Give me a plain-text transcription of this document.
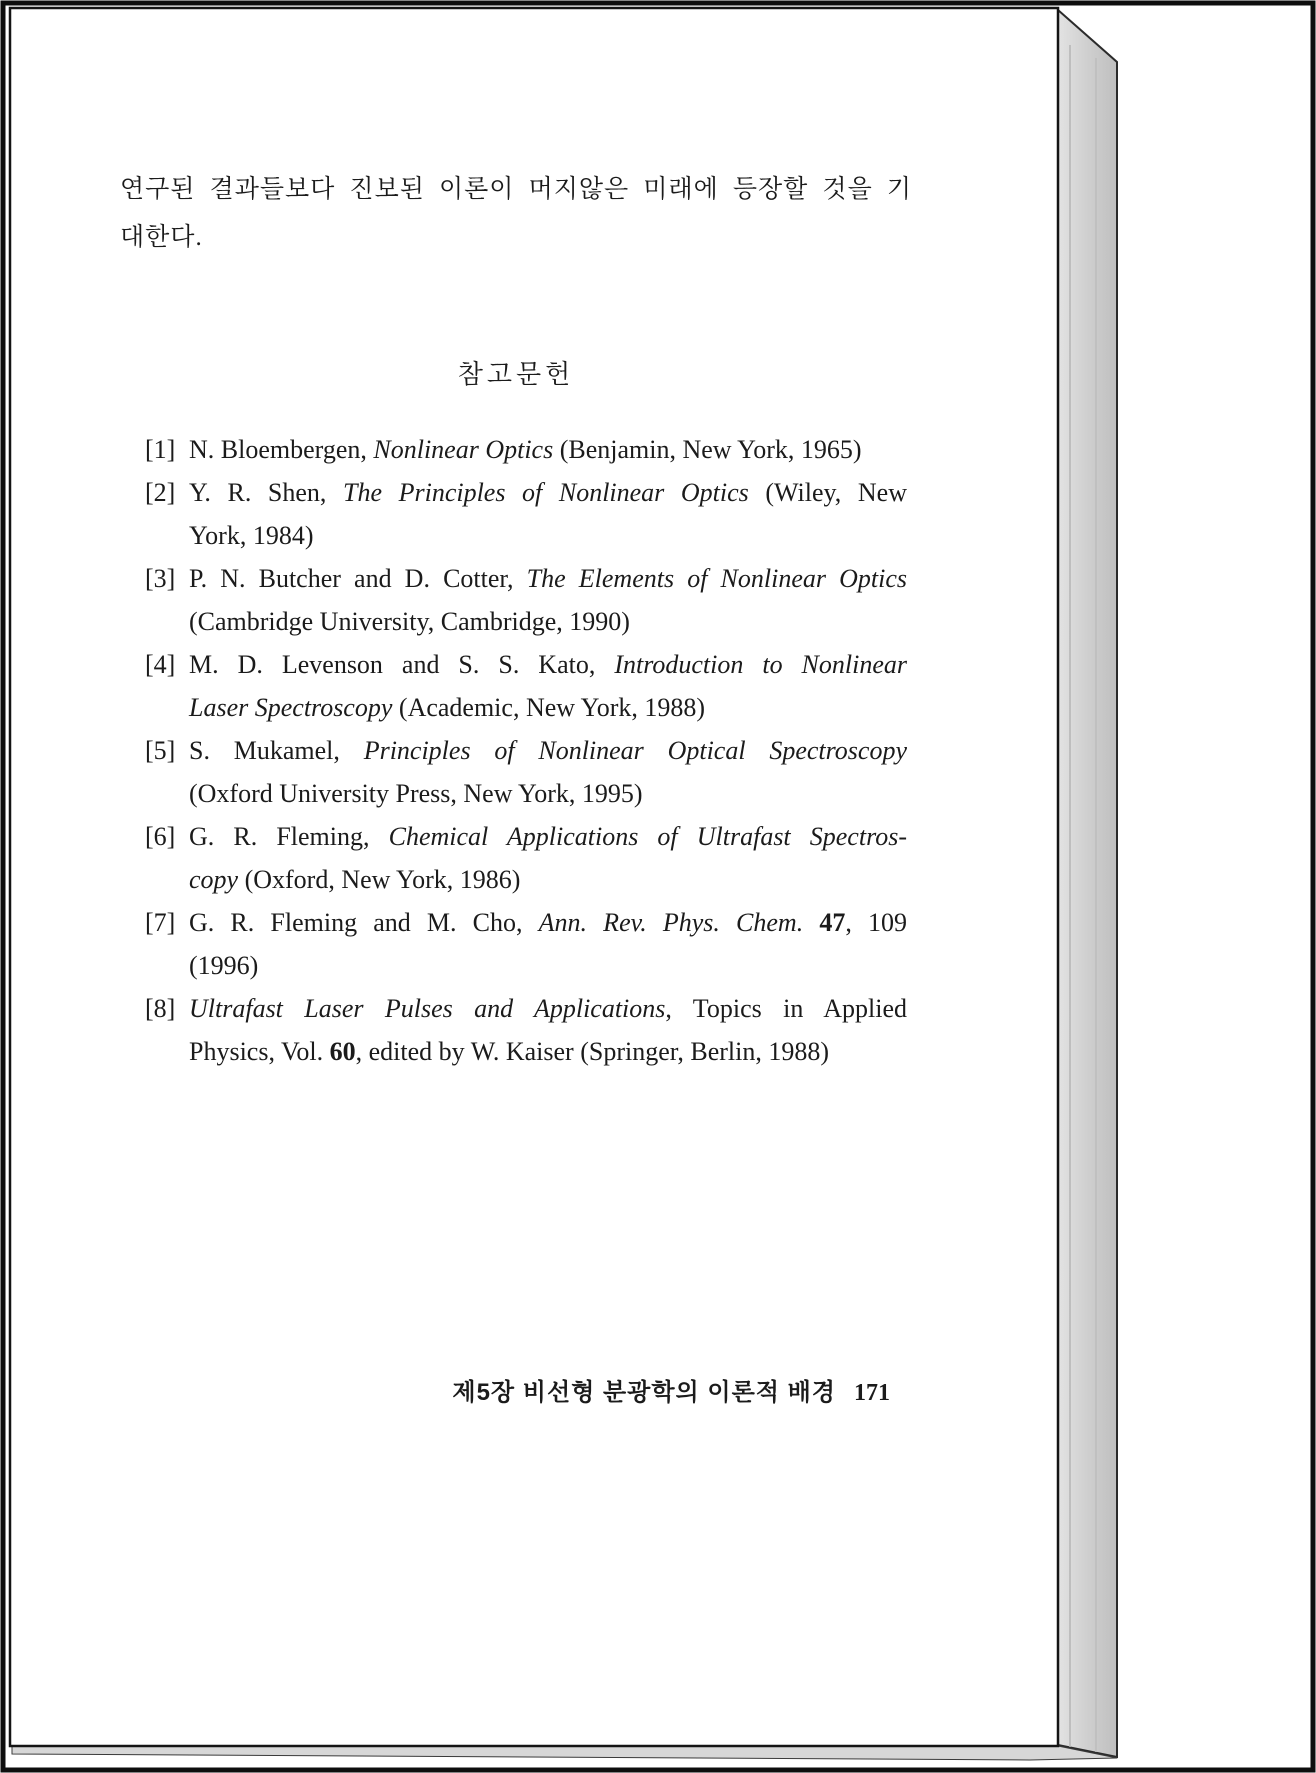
연구된 결과들보다 진보된 이론이 머지않은 미래에 등장할 것을 기
대한다.
참고문헌
[1] N. Bloembergen, Nonlinear Optics (Benjamin, New York, 1965)
[2] Y. R. Shen, The Principles of Nonlinear Optics (Wiley, New
York, 1984)
[3] P. N. Butcher and D. Cotter, The Elements of Nonlinear Optics
(Cambridge University, Cambridge, 1990)
[4] M. D. Levenson and S. S. Kato, Introduction to Nonlinear
Laser Spectroscopy (Academic, New York, 1988)
[5] S. Mukamel, Principles of Nonlinear Optical Spectroscopy
(Oxford University Press, New York, 1995)
[6] G. R. Fleming, Chemical Applications of Ultrafast Spectros-
copy (Oxford, New York, 1986)
[7] G. R. Fleming and M. Cho, Ann. Rev. Phys. Chem. 47, 109
(1996)
[8] Ultrafast Laser Pulses and Applications, Topics in Applied
Physics, Vol. 60, edited by W. Kaiser (Springer, Berlin, 1988)
제5장 비선형 분광학의 이론적 배경 171
